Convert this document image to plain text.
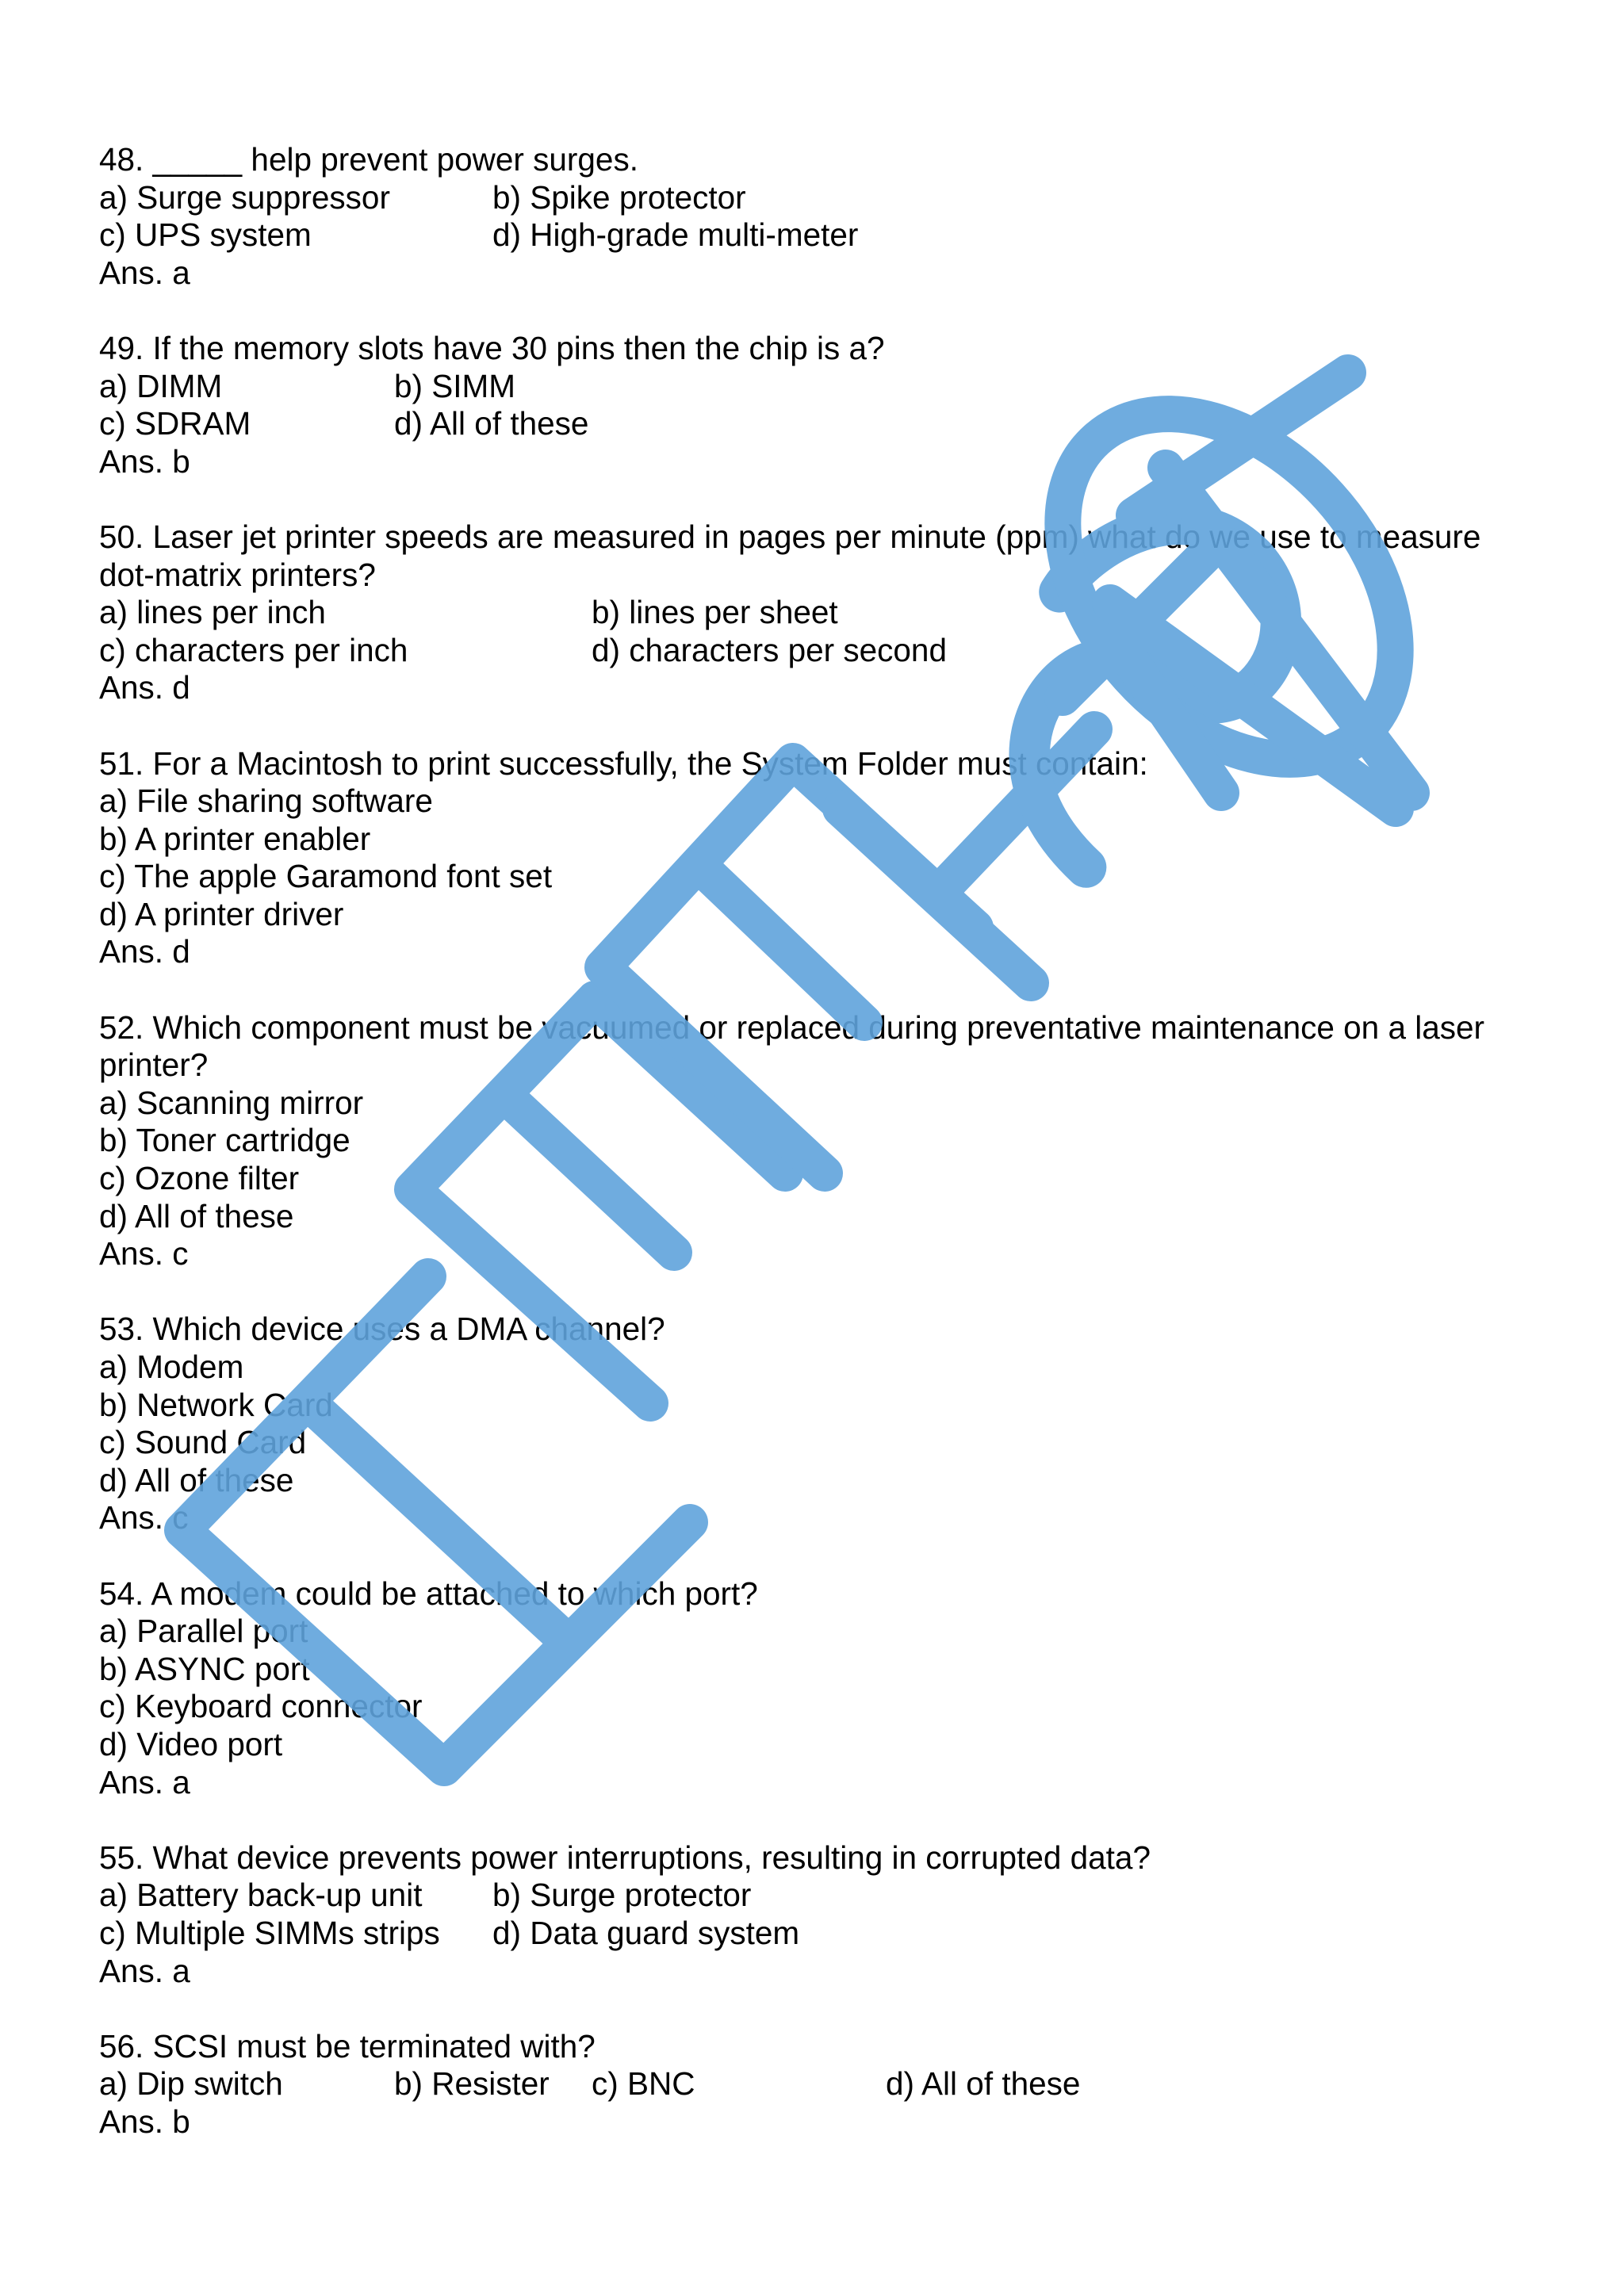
48. _____ help prevent power surges.
a) Surge suppressor	b) Spike protector
c) UPS system	d) High-grade multi-meter
Ans. a
49. If the memory slots have 30 pins then the chip is a?
a) DIMM	b) SIMM
c) SDRAM	d) All of these
Ans. b
50. Laser jet printer speeds are measured in pages per minute (ppm) what do we use to measure dot-matrix printers?
a) lines per inch	b) lines per sheet
c) characters per inch	d) characters per second
Ans. d
51. For a Macintosh to print successfully, the System Folder must contain:
a) File sharing software
b) A printer enabler
c) The apple Garamond font set
d) A printer driver
Ans. d
52. Which component must be vacuumed or replaced during preventative maintenance on a laser printer?
a) Scanning mirror
b) Toner cartridge
c) Ozone filter
d) All of these
Ans. c
53. Which device uses a DMA channel?
a) Modem
b) Network Card
c) Sound Card
d) All of these
Ans. c
54. A modem could be attached to which port?
a) Parallel port
b) ASYNC port
c) Keyboard connector
d) Video port
Ans. a
55. What device prevents power interruptions, resulting in corrupted data?
a) Battery back-up unit b) Surge protector
c) Multiple SIMMs strips d) Data guard system
Ans. a
56. SCSI must be terminated with?
a) Dip switch	b) Resister c) BNC	d) All of these
Ans. b
